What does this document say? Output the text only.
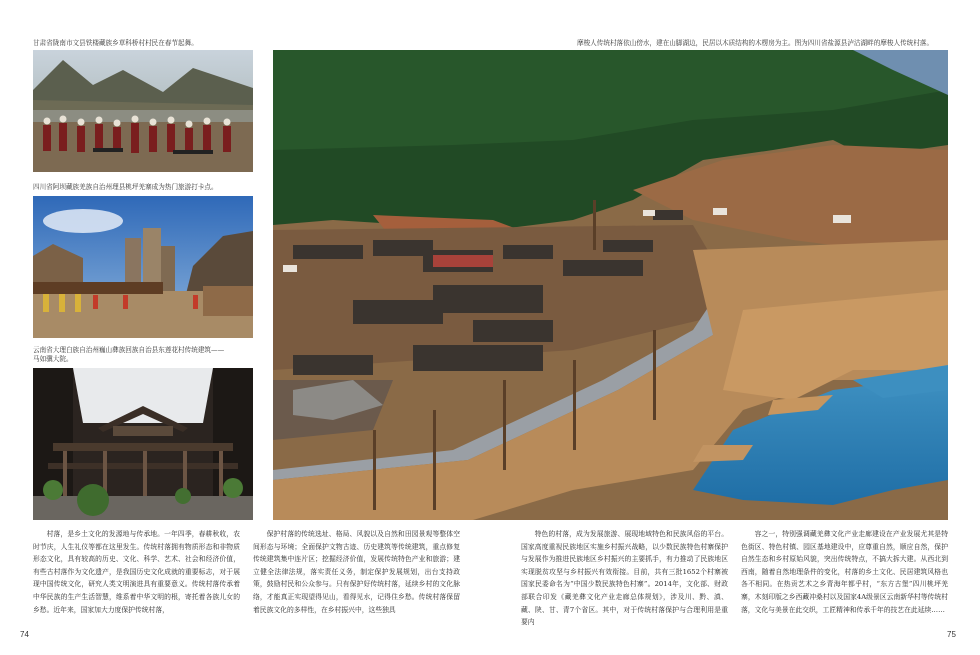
甘肃省陇南市文县铁楼藏族乡草科桥村村民在春节起舞。
四川省阿坝藏族羌族自治州理县桃坪羌寨成为热门旅游打卡点。
云南省大理白族自治州巍山彝族回族自治县东莲花村传统建筑——
马如骥大院。
摩梭人传统村落依山傍水，建在山脚湖边，民居以木质结构的木楞房为主。图为四川省盐源县泸沽湖畔的摩梭人传统村落。
村落，是乡土文化的发源地与传承地。一年四季，春耕秋收，农时节庆，人生礼仪等都在这里发生。传统村落拥有物质形态和非物质形态文化，具有较高的历史、文化、科学、艺术、社会和经济价值，有些古村落作为文化遗产，是我国历史文化成就的重要标志，对于展现中国传统文化，研究人类文明演进具有重要意义。传统村落传承着中华民族的生产生活智慧，维系着中华文明的根，寄托着各族儿女的乡愁。近年来，国家加大力度保护传统村落，
保护村落的传统选址、格局、风貌以及自然和田园景观等整体空间形态与环境；全面保护文物古迹、历史建筑等传统建筑，重点修复传统建筑集中连片区；挖掘经济价值，发展传统特色产业和旅游；建立健全法律法规，落实责任义务，制定保护发展规划，出台支持政策，鼓励村民和公众参与。只有保护好传统村落，延续乡村的文化脉络，才能真正实现望得见山，看得见水，记得住乡愁。传统村落保留着民族文化的多样性，在乡村振兴中，这些独具
特色的村落，成为发展旅游、展现地域特色和民族风俗的平台。国家高度重视民族地区实施乡村振兴战略，以少数民族特色村寨保护与发展作为推进民族地区乡村振兴的主要抓手，有力推动了民族地区实现脱贫攻坚与乡村振兴有效衔接。目前，共有三批1652个村寨被国家民委命名为“中国少数民族特色村寨”。2014年，文化部、财政部联合印发《藏羌彝文化产业走廊总体规划》，涉及川、黔、滇、藏、陕、甘、青7个省区。其中，对于传统村落保护与合理利用是重要内
容之一，特别强调藏羌彝文化产业走廊建设在产业发展尤其是特色街区、特色村镇、园区基地建设中，应尊重自然，顺应自然，保护自然生态和乡村原始风貌，突出传统特点，不搞大拆大建。从西北到西南，随着自然地理条件的变化，村落的乡土文化、民居建筑风格也各不相同。在热贡艺术之乡青海年都乎村，“东方古堡”四川桃坪羌寨，木刻印版之乡西藏冲桑村以及国家4A级景区云南新华村等传统村落，文化与美景在此交织，工匠精神和传承千年的技艺在此延续……
74	75
